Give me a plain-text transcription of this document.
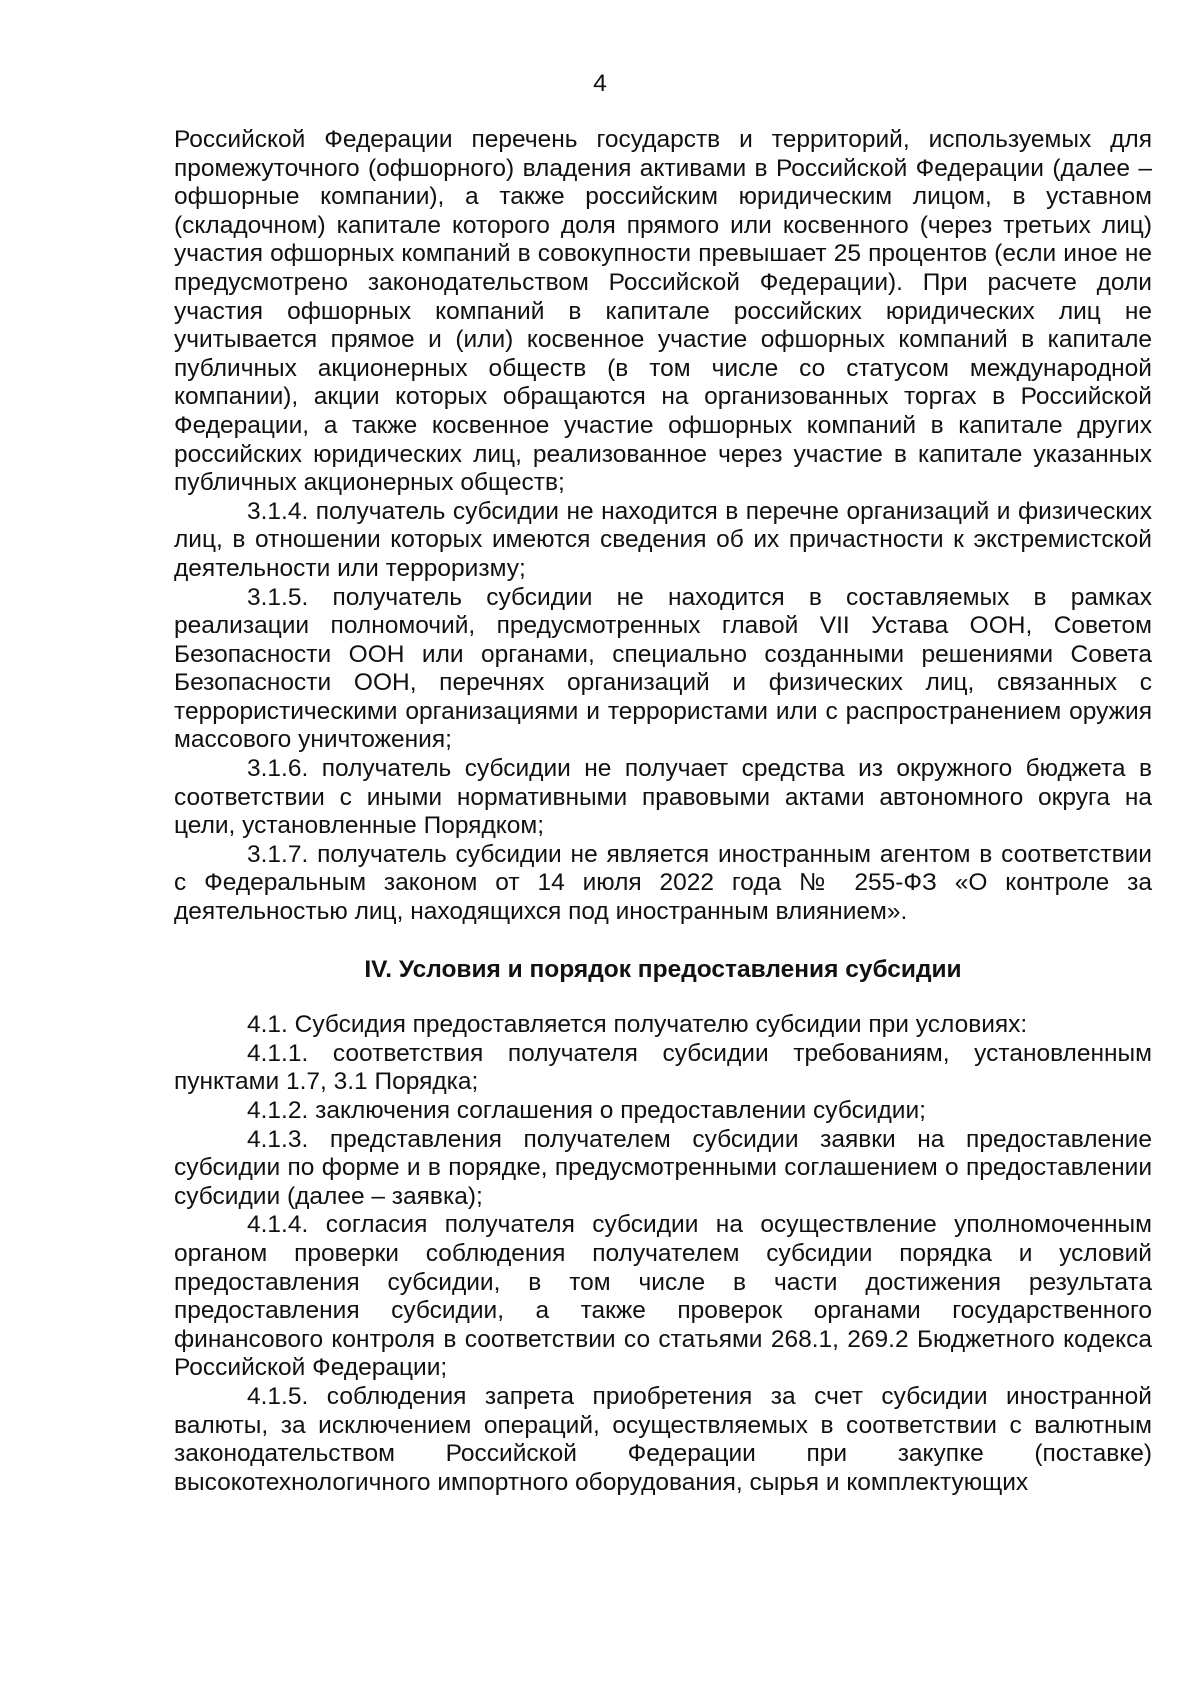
4

Российской Федерации перечень государств и территорий, используемых для промежуточного (офшорного) владения активами в Российской Федерации (далее – офшорные компании), а также российским юридическим лицом, в уставном (складочном) капитале которого доля прямого или косвенного (через третьих лиц) участия офшорных компаний в совокупности превышает 25 процентов (если иное не предусмотрено законодательством Российской Федерации). При расчете доли участия офшорных компаний в капитале российских юридических лиц не учитывается прямое и (или) косвенное участие офшорных компаний в капитале публичных акционерных обществ (в том числе со статусом международной компании), акции которых обращаются на организованных торгах в Российской Федерации, а также косвенное участие офшорных компаний в капитале других российских юридических лиц, реализованное через участие в капитале указанных публичных акционерных обществ;

3.1.4. получатель субсидии не находится в перечне организаций и физических лиц, в отношении которых имеются сведения об их причастности к экстремистской деятельности или терроризму;

3.1.5. получатель субсидии не находится в составляемых в рамках реализации полномочий, предусмотренных главой VII Устава ООН, Советом Безопасности ООН или органами, специально созданными решениями Совета Безопасности ООН, перечнях организаций и физических лиц, связанных с террористическими организациями и террористами или с распространением оружия массового уничтожения;

3.1.6. получатель субсидии не получает средства из окружного бюджета в соответствии с иными нормативными правовыми актами автономного округа на цели, установленные Порядком;

3.1.7. получатель субсидии не является иностранным агентом в соответствии с Федеральным законом от 14 июля 2022 года № 255-ФЗ «О контроле за деятельностью лиц, находящихся под иностранным влиянием».

IV. Условия и порядок предоставления субсидии

4.1. Субсидия предоставляется получателю субсидии при условиях:

4.1.1. соответствия получателя субсидии требованиям, установленным пунктами 1.7, 3.1 Порядка;

4.1.2. заключения соглашения о предоставлении субсидии;

4.1.3. представления получателем субсидии заявки на предоставление субсидии по форме и в порядке, предусмотренными соглашением о предоставлении субсидии (далее – заявка);

4.1.4. согласия получателя субсидии на осуществление уполномоченным органом проверки соблюдения получателем субсидии порядка и условий предоставления субсидии, в том числе в части достижения результата предоставления субсидии, а также проверок органами государственного финансового контроля в соответствии со статьями 268.1, 269.2 Бюджетного кодекса Российской Федерации;

4.1.5. соблюдения запрета приобретения за счет субсидии иностранной валюты, за исключением операций, осуществляемых в соответствии с валютным законодательством Российской Федерации при закупке (поставке) высокотехнологичного импортного оборудования, сырья и комплектующих
